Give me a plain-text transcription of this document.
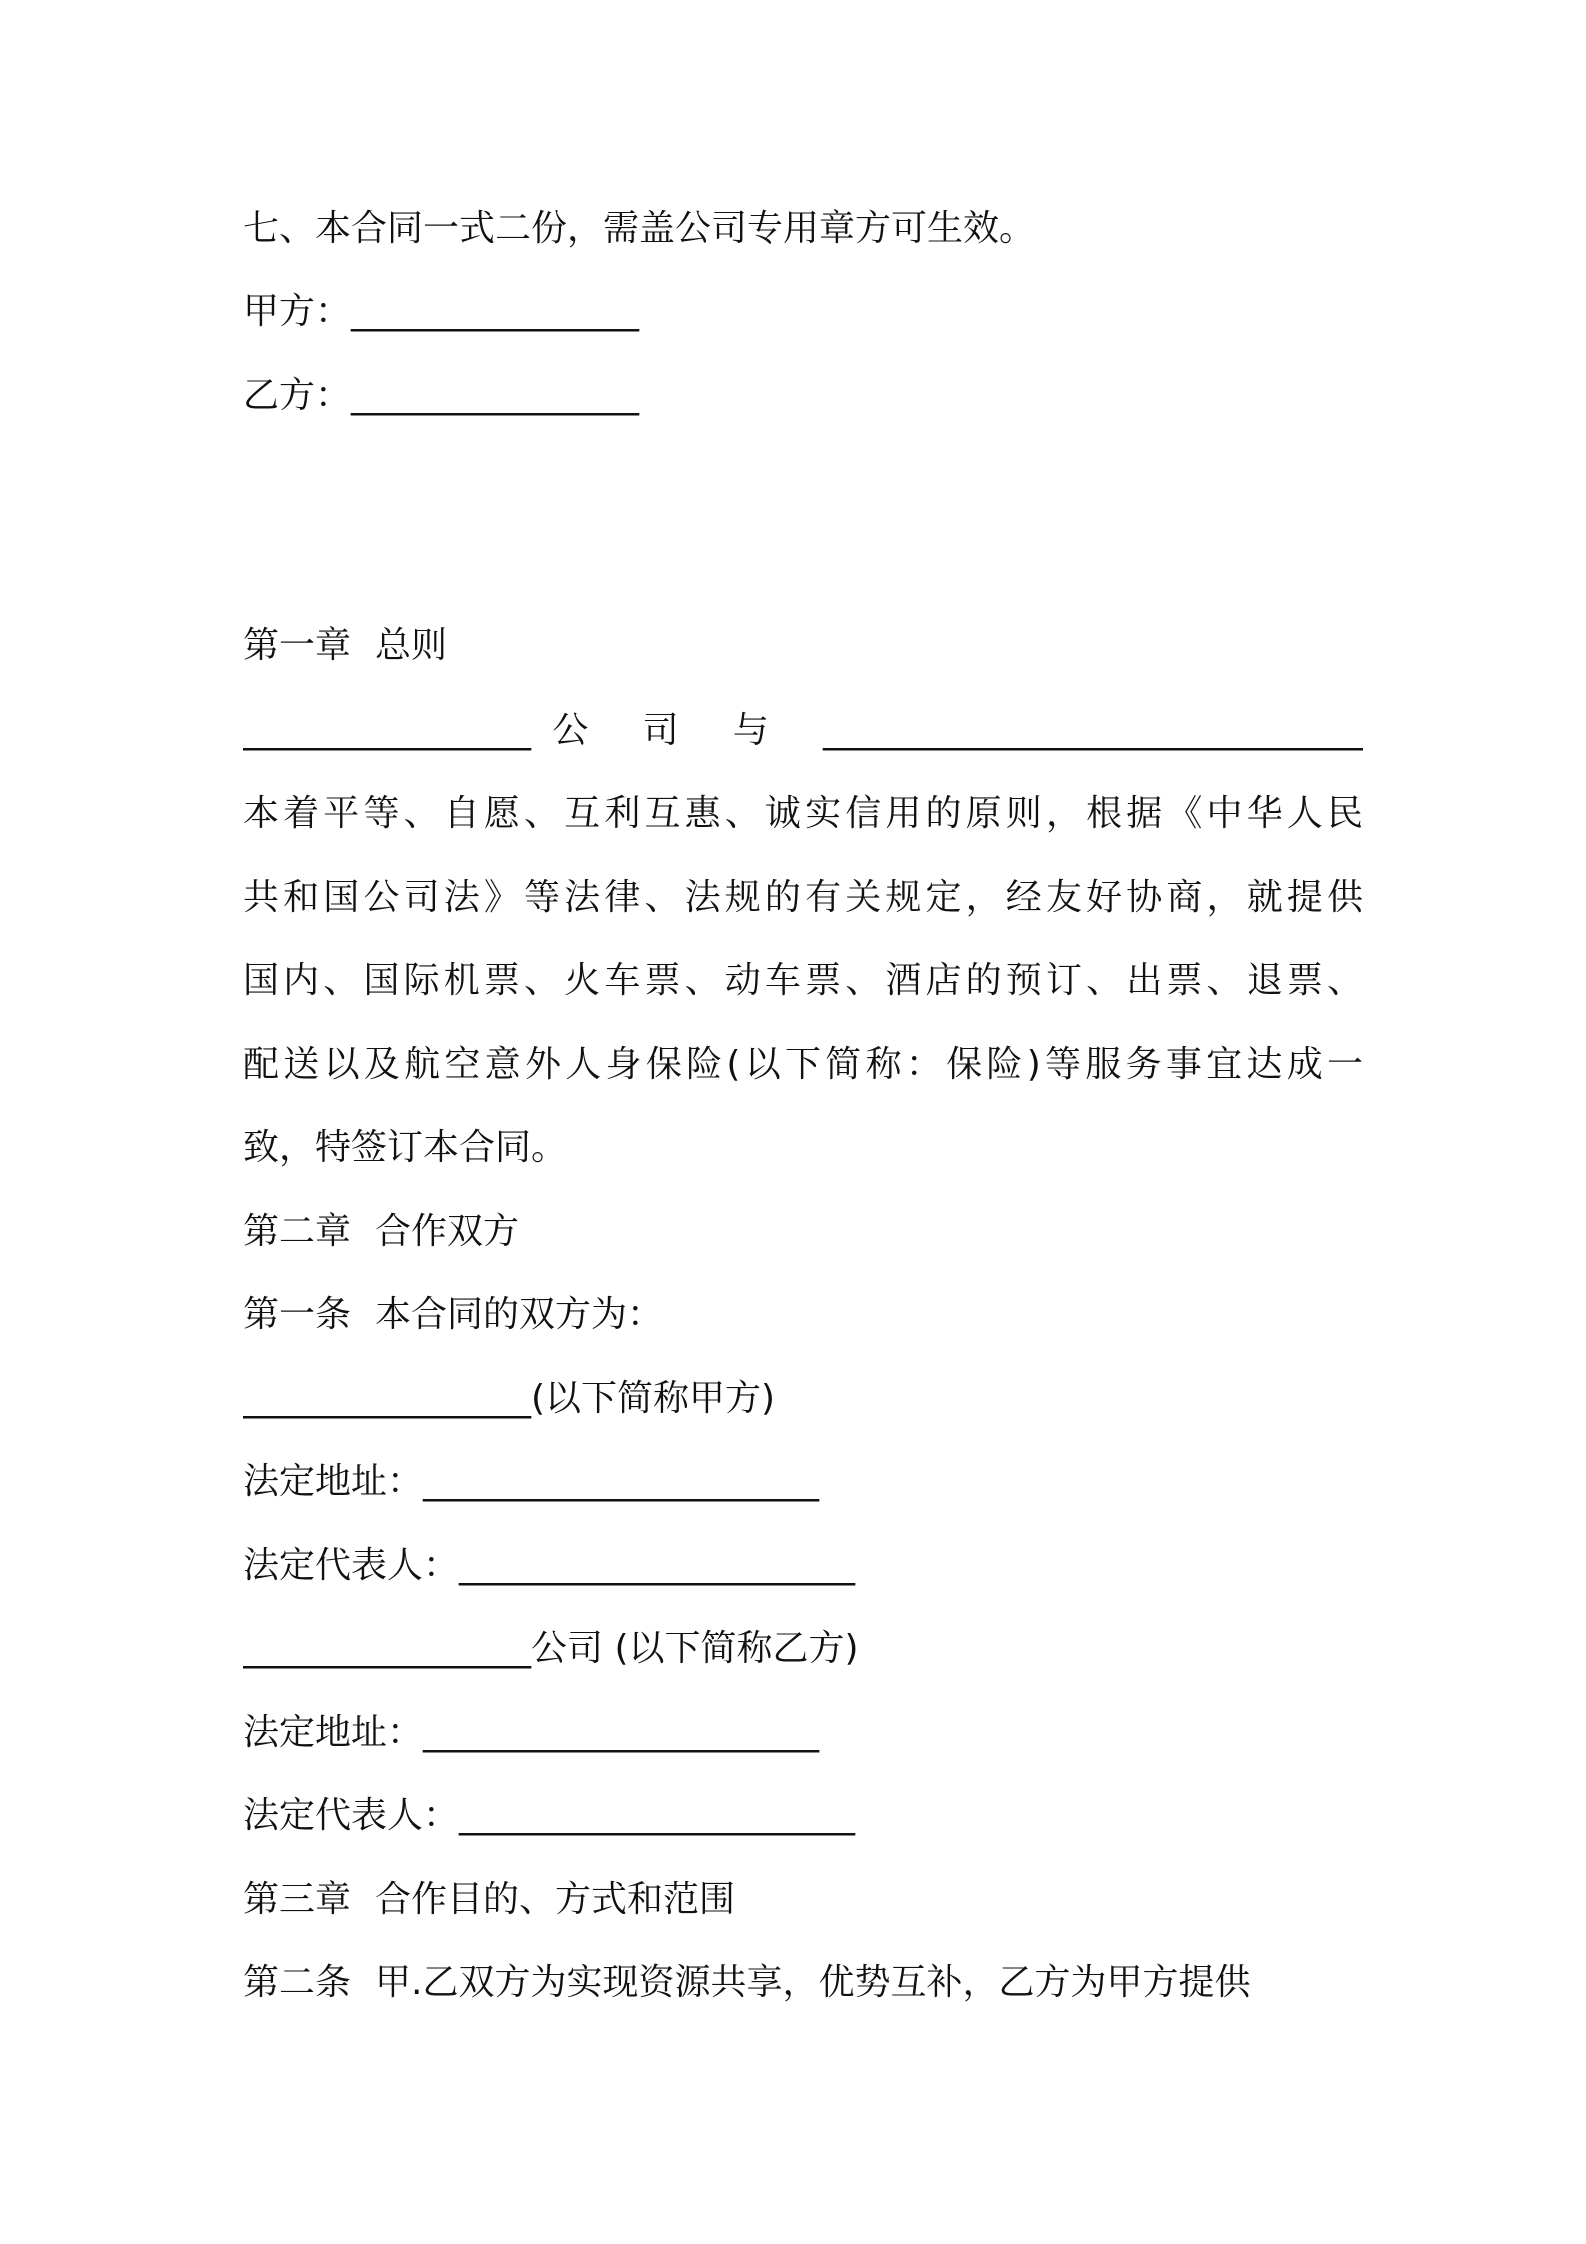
七、本合同一式二份，需盖公司专用章方可生效。
甲方：________________
乙方：________________
第一章 总则
________________公 司 与 ______________________________
本着平等、自愿、互利互惠、诚实信用的原则，根据《中华人民
共和国公司法》等法律、法规的有关规定，经友好协商，就提供
国内、国际机票、火车票、动车票、酒店的预订、出票、退票、
配送以及航空意外人身保险(以下简称：保险)等服务事宜达成一
致，特签订本合同。
第二章 合作双方
第一条 本合同的双方为：
________________(以下简称甲方)
法定地址：______________________
法定代表人：______________________
________________公司 (以下简称乙方)
法定地址：______________________
法定代表人：______________________
第三章 合作目的、方式和范围
第二条 甲.乙双方为实现资源共享，优势互补，乙方为甲方提供
